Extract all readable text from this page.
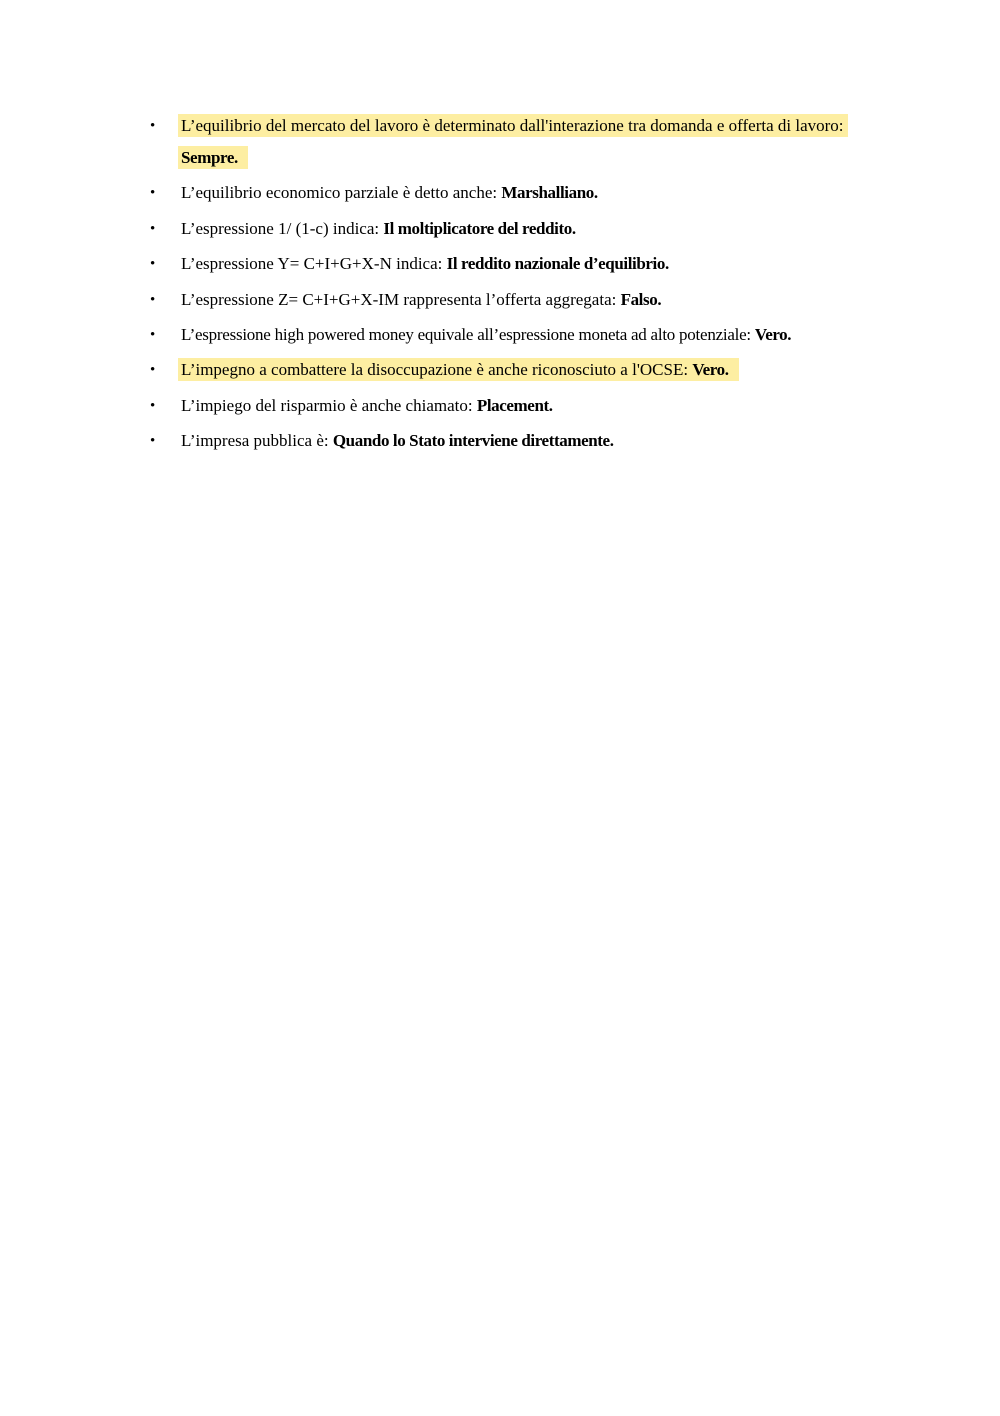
• L’equilibrio del mercato del lavoro è determinato dall'interazione tra domanda e offerta di lavoro: Sempre.
• L’equilibrio economico parziale è detto anche: Marshalliano.
• L’espressione 1/ (1-c) indica: Il moltiplicatore del reddito.
• L’espressione Y= C+I+G+X-N indica: Il reddito nazionale d’equilibrio.
• L’espressione Z= C+I+G+X-IM rappresenta l’offerta aggregata: Falso.
• L’espressione high powered money equivale all’espressione moneta ad alto potenziale: Vero.
• L’impegno a combattere la disoccupazione è anche riconosciuto a l'OCSE: Vero.
• L’impiego del risparmio è anche chiamato: Placement.
• L’impresa pubblica è: Quando lo Stato interviene direttamente.
